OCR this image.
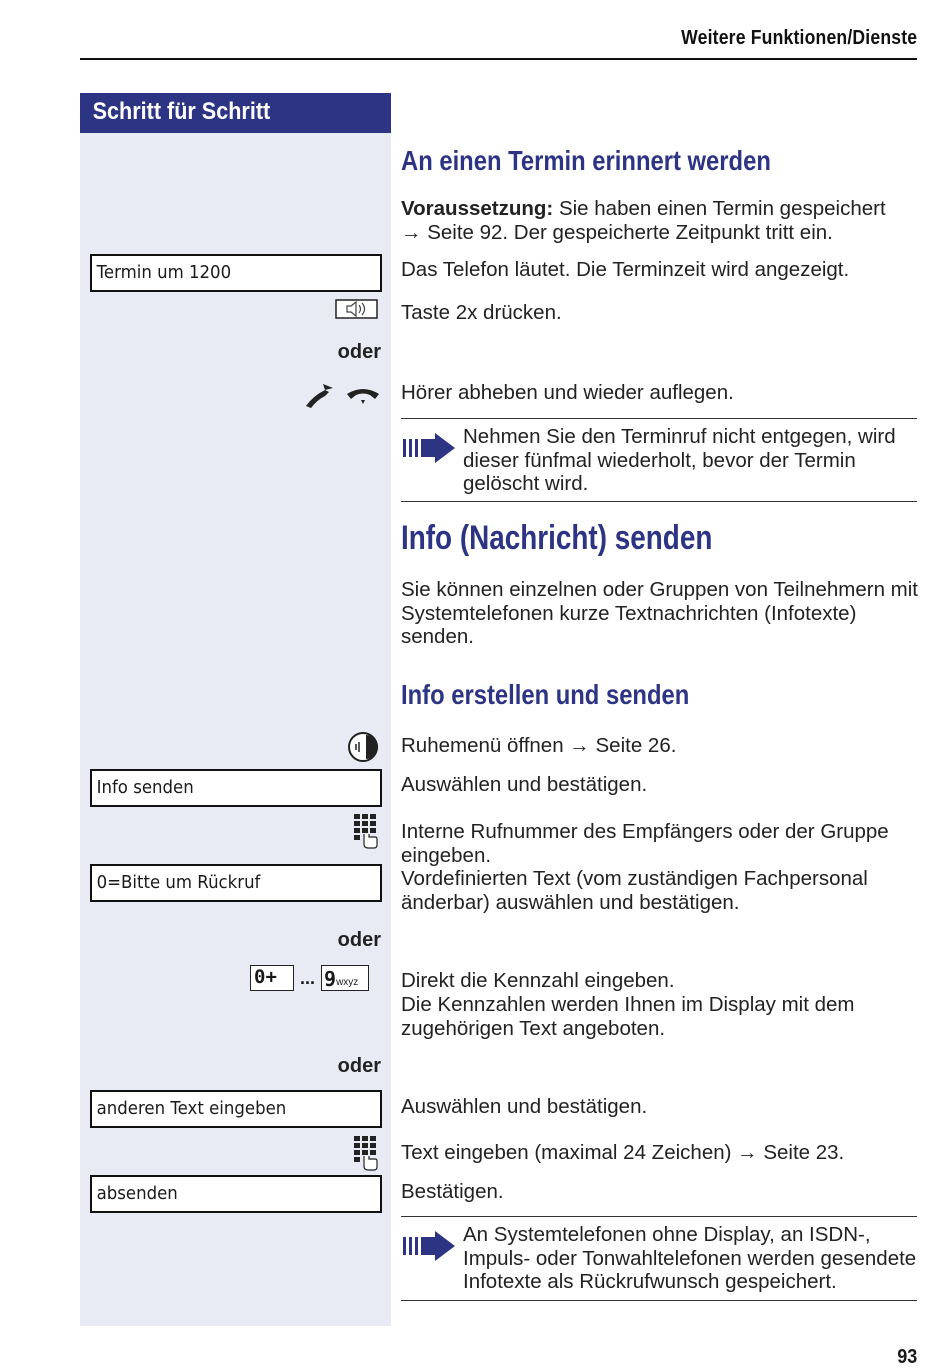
Weitere Funktionen/Dienste
Schritt für Schritt
Termin um 1200
Info senden
0=Bitte um Rückruf
anderen Text eingeben
absenden
oder
oder
oder
0+	... 9 wxyz
An einen Termin erinnert werden
Voraussetzung: Sie haben einen Termin gespeichert
→ Seite 92. Der gespeicherte Zeitpunkt tritt ein.
Das Telefon läutet. Die Terminzeit wird angezeigt.
Taste 2x drücken.
Hörer abheben und wieder auflegen.
Nehmen Sie den Terminruf nicht entgegen, wird dieser fünfmal wiederholt, bevor der Termin gelöscht wird.
Info (Nachricht) senden
Sie können einzelnen oder Gruppen von Teilnehmern mit Systemtelefonen kurze Textnachrichten (Infotexte) senden.
Info erstellen und senden
Ruhemenü öffnen → Seite 26.
Auswählen und bestätigen.
Interne Rufnummer des Empfängers oder der Gruppe eingeben.
Vordefinierten Text (vom zuständigen Fachpersonal änderbar) auswählen und bestätigen.
Direkt die Kennzahl eingeben.
Die Kennzahlen werden Ihnen im Display mit dem zugehörigen Text angeboten.
Auswählen und bestätigen.
Text eingeben (maximal 24 Zeichen) → Seite 23.
Bestätigen.
An Systemtelefonen ohne Display, an ISDN-, Impuls- oder Tonwahltelefonen werden gesendete Infotexte als Rückrufwunsch gespeichert.
93
